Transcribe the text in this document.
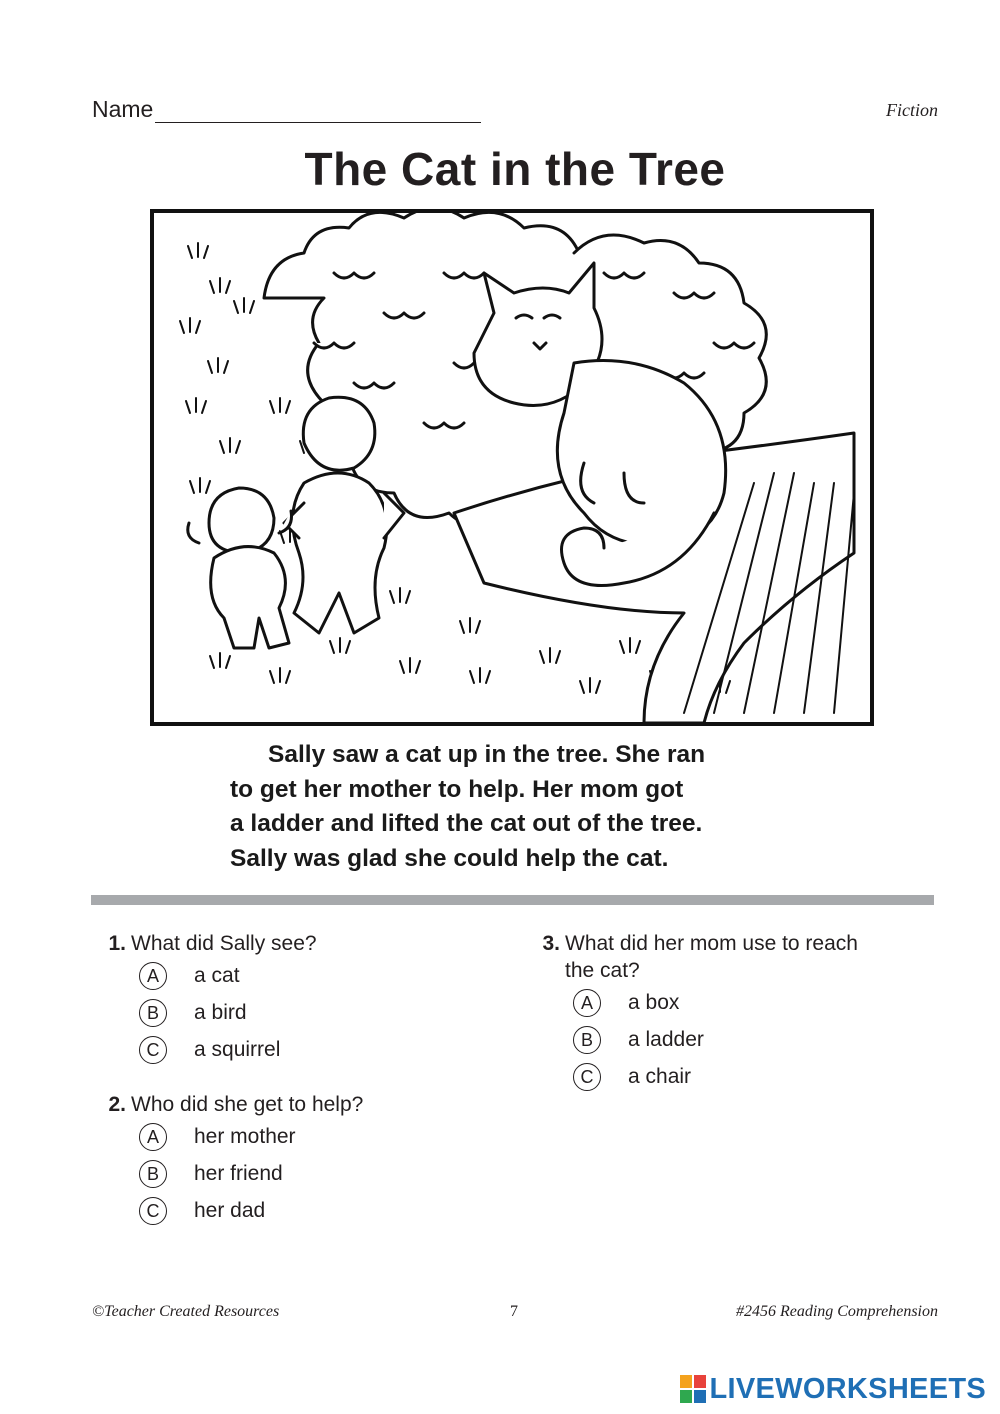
Name	Fiction
The Cat in the Tree
Sally saw a cat up in the tree. She ran
to get her mother to help. Her mom got
a ladder and lifted the cat out of the tree.
Sally was glad she could help the cat.
1. What did Sally see?
A	a cat
B	a bird
C	a squirrel
2. Who did she get to help?
A	her mother
B	her friend
C	her dad
3. What did her mom use to reach
the cat?
A	a box
B	a ladder
C	a chair
©Teacher Created Resources	7	#2456 Reading Comprehension
LIVEWORKSHEETS
